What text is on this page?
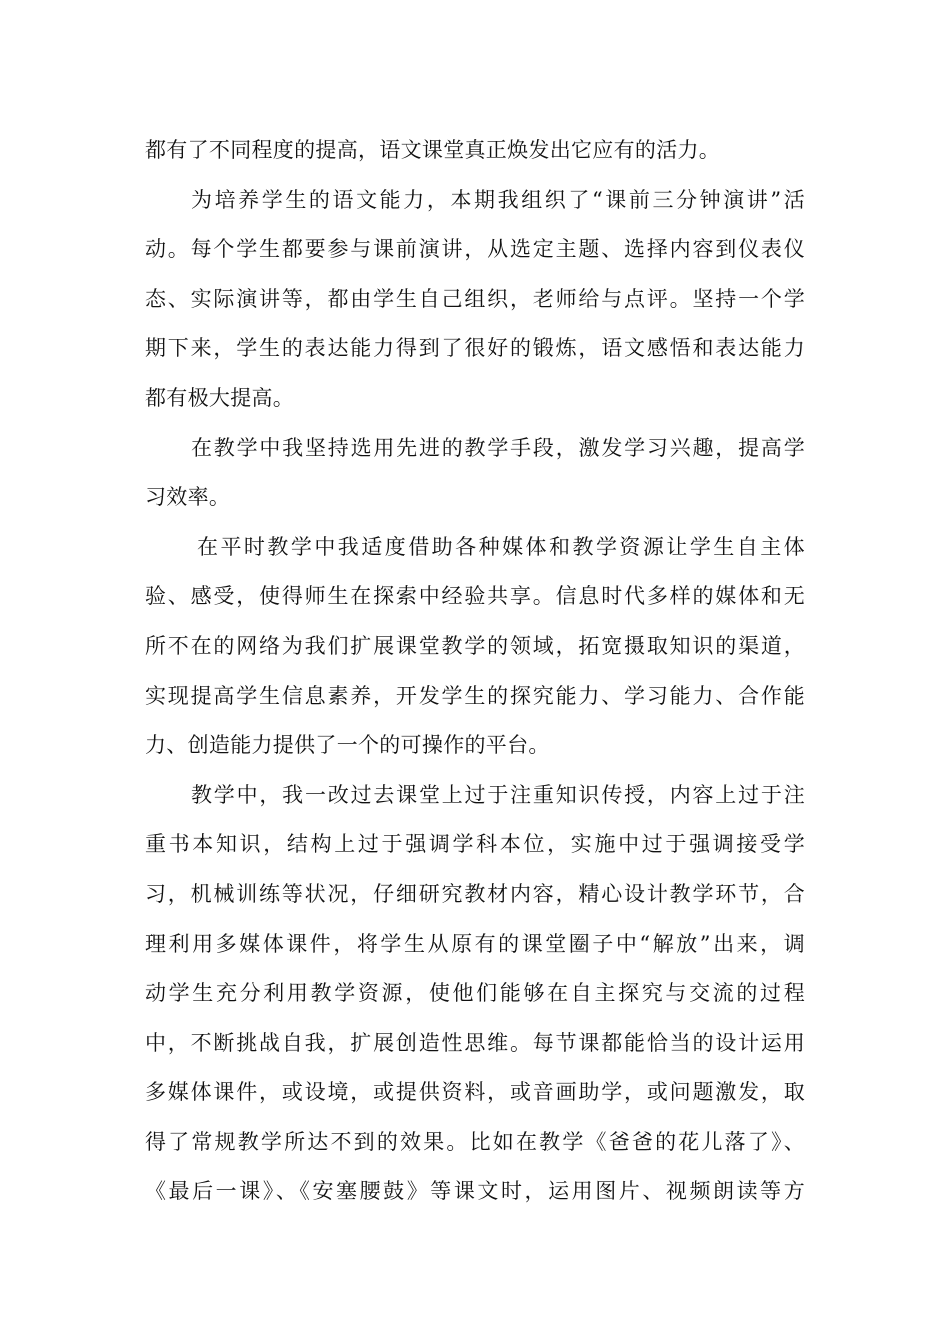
都有了不同程度的提高，语文课堂真正焕发出它应有的活力。
为培养学生的语文能力，本期我组织了“课前三分钟演讲”活
动。每个学生都要参与课前演讲，从选定主题、选择内容到仪表仪
态、实际演讲等，都由学生自己组织，老师给与点评。坚持一个学
期下来，学生的表达能力得到了很好的锻炼，语文感悟和表达能力
都有极大提高。
在教学中我坚持选用先进的教学手段，激发学习兴趣，提高学
习效率。
在平时教学中我适度借助各种媒体和教学资源让学生自主体
验、感受，使得师生在探索中经验共享。信息时代多样的媒体和无
所不在的网络为我们扩展课堂教学的领域，拓宽摄取知识的渠道，
实现提高学生信息素养，开发学生的探究能力、学习能力、合作能
力、创造能力提供了一个的可操作的平台。
教学中，我一改过去课堂上过于注重知识传授，内容上过于注
重书本知识，结构上过于强调学科本位，实施中过于强调接受学
习，机械训练等状况，仔细研究教材内容，精心设计教学环节，合
理利用多媒体课件，将学生从原有的课堂圈子中“解放”出来，调
动学生充分利用教学资源，使他们能够在自主探究与交流的过程
中，不断挑战自我，扩展创造性思维。每节课都能恰当的设计运用
多媒体课件，或设境，或提供资料，或音画助学，或问题激发，取
得了常规教学所达不到的效果。比如在教学《爸爸的花儿落了》、
《最后一课》、《安塞腰鼓》等课文时，运用图片、视频朗读等方
